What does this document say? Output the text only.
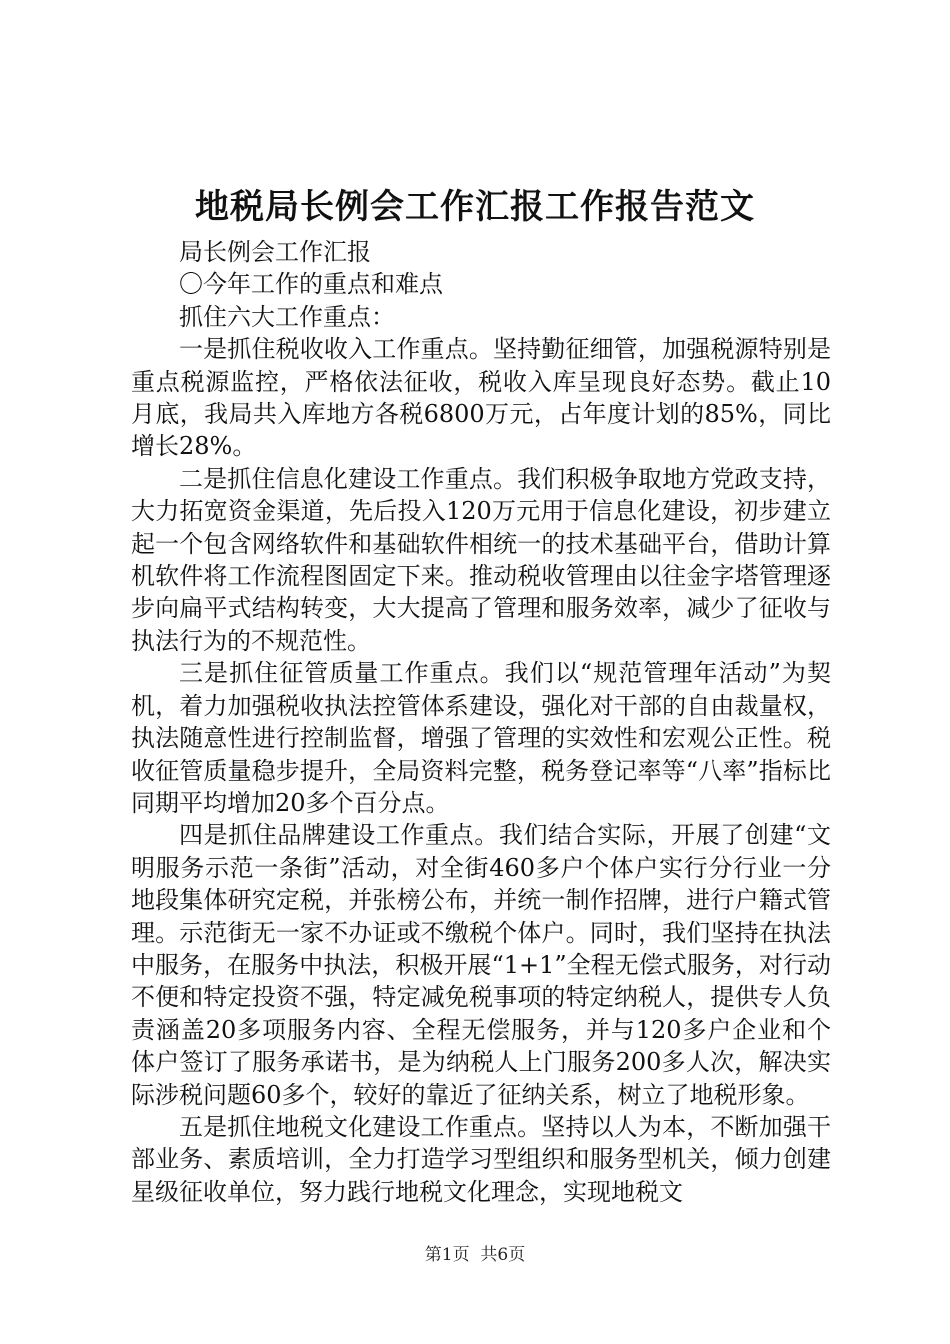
地税局长例会工作汇报工作报告范文

局长例会工作汇报

〇今年工作的重点和难点

抓住六大工作重点：

一是抓住税收收入工作重点。坚持勤征细管，加强税源特别是重点税源监控，严格依法征收，税收入库呈现良好态势。截止10月底，我局共入库地方各税6800万元，占年度计划的85%，同比增长28%。

二是抓住信息化建设工作重点。我们积极争取地方党政支持，大力拓宽资金渠道，先后投入120万元用于信息化建设，初步建立起一个包含网络软件和基础软件相统一的技术基础平台，借助计算机软件将工作流程图固定下来。推动税收管理由以往金字塔管理逐步向扁平式结构转变，大大提高了管理和服务效率，减少了征收与执法行为的不规范性。

三是抓住征管质量工作重点。我们以“规范管理年活动”为契机，着力加强税收执法控管体系建设，强化对干部的自由裁量权，执法随意性进行控制监督，增强了管理的实效性和宏观公正性。税收征管质量稳步提升，全局资料完整，税务登记率等“八率”指标比同期平均增加20多个百分点。

四是抓住品牌建设工作重点。我们结合实际，开展了创建“文明服务示范一条街”活动，对全街460多户个体户实行分行业一分地段集体研究定税，并张榜公布，并统一制作招牌，进行户籍式管理。示范街无一家不办证或不缴税个体户。同时，我们坚持在执法中服务，在服务中执法，积极开展“1+1”全程无偿式服务，对行动不便和特定投资不强，特定减免税事项的特定纳税人，提供专人负责涵盖20多项服务内容、全程无偿服务，并与120多户企业和个体户签订了服务承诺书，是为纳税人上门服务200多人次，解决实际涉税问题60多个，较好的靠近了征纳关系，树立了地税形象。

五是抓住地税文化建设工作重点。坚持以人为本，不断加强干部业务、素质培训，全力打造学习型组织和服务型机关，倾力创建星级征收单位，努力践行地税文化理念，实现地税文

第1页 共6页
